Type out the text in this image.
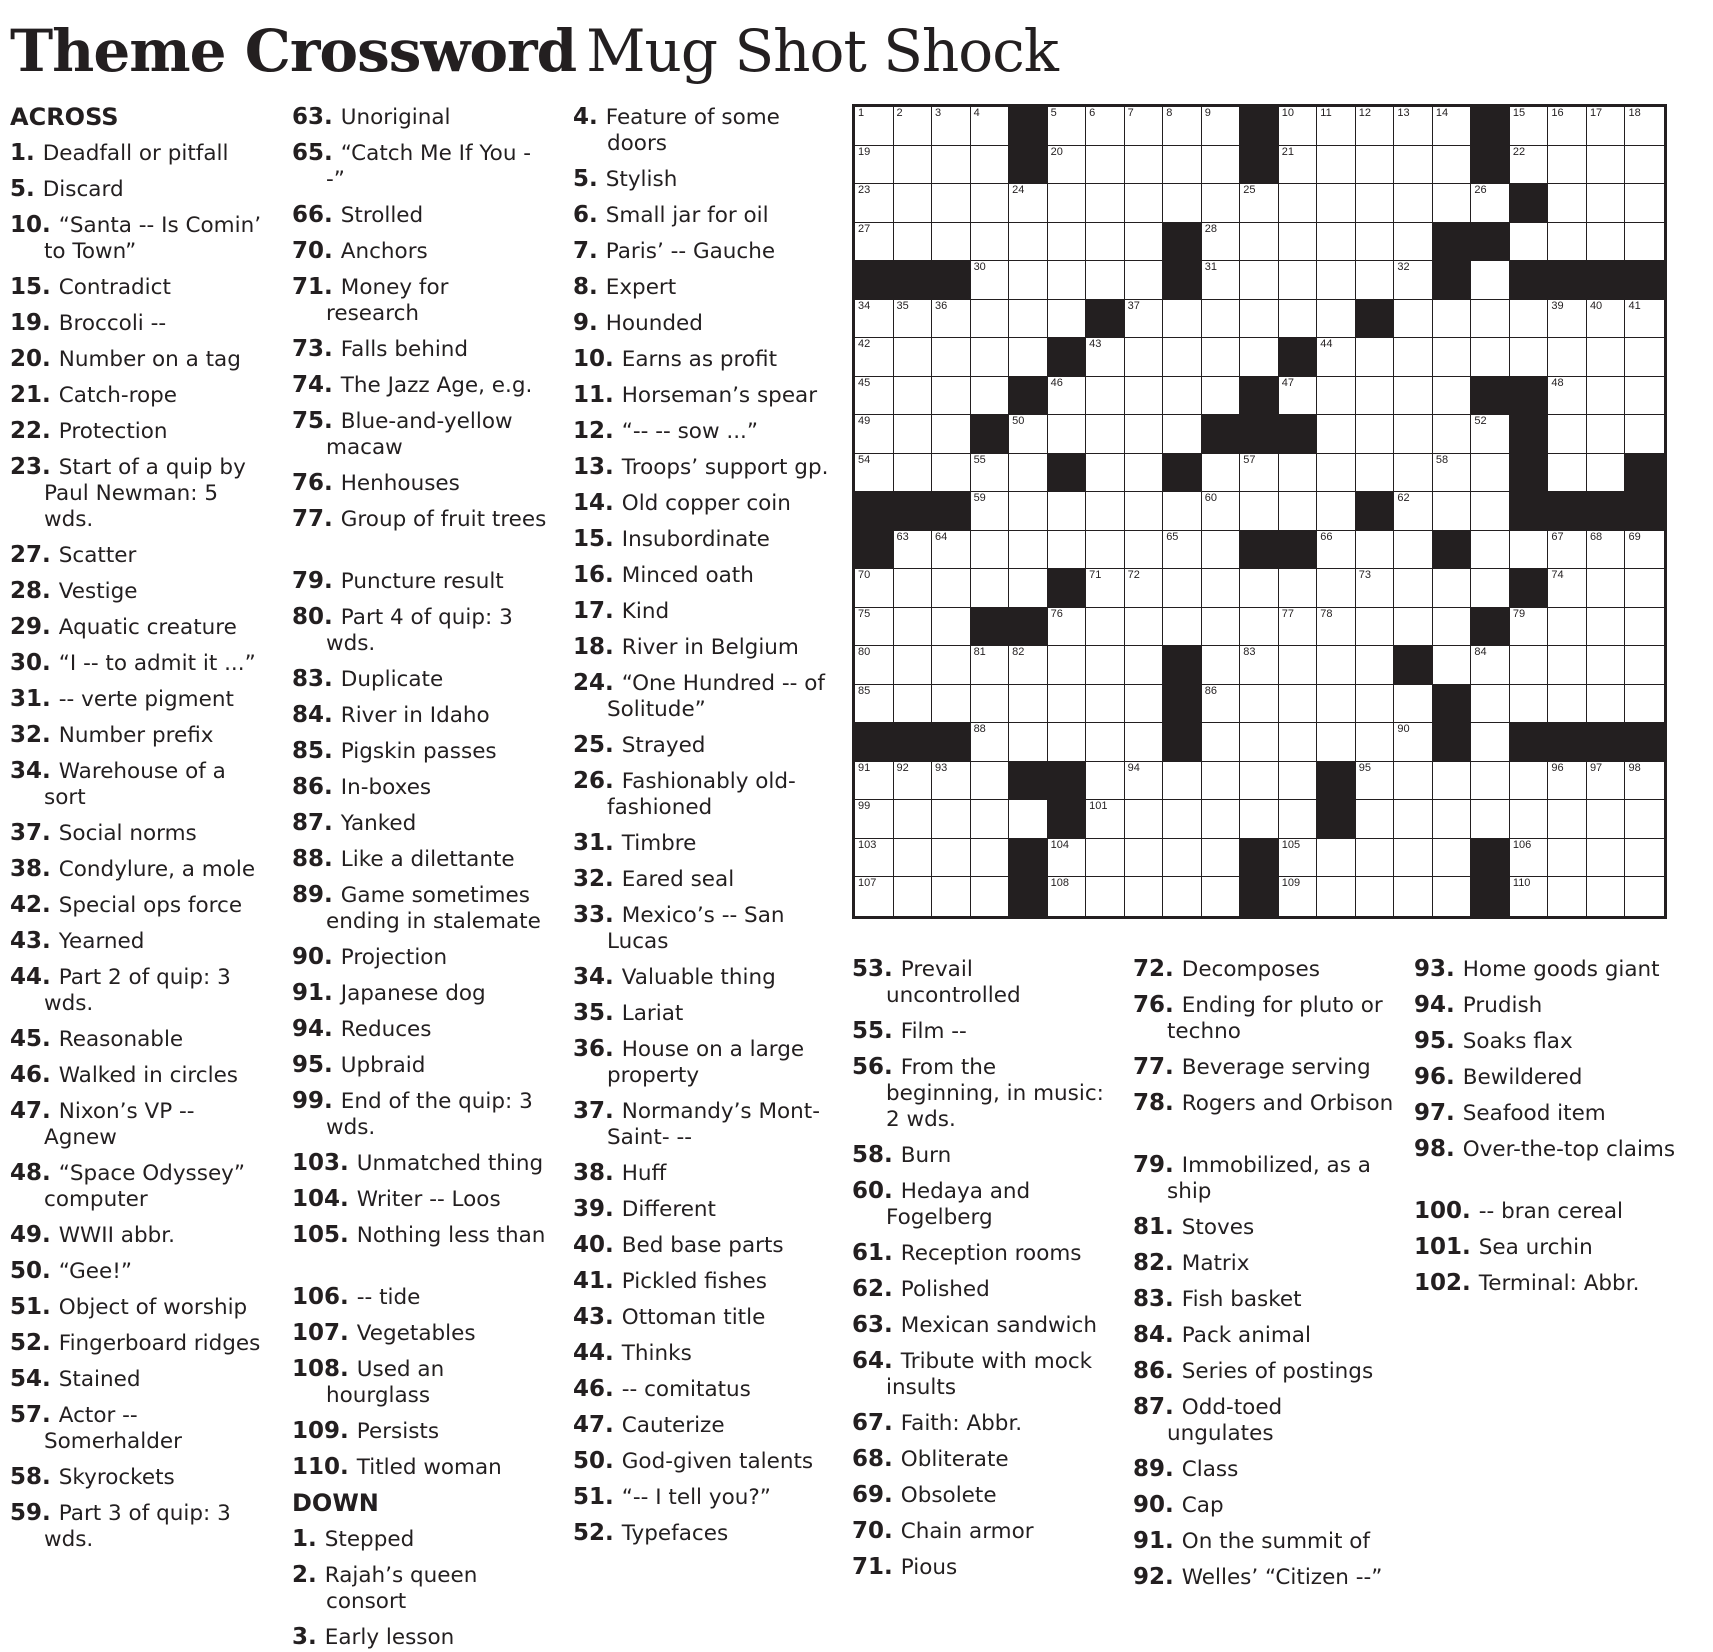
Theme Crossword Mug Shot Shock
ACROSS
1. Deadfall or pitfall
5. Discard
10. “Santa -- Is Comin’ to Town”
15. Contradict
19. Broccoli --
20. Number on a tag
21. Catch-rope
22. Protection
23. Start of a quip by Paul Newman: 5 wds.
27. Scatter
28. Vestige
29. Aquatic creature
30. “I -- to admit it ...”
31. -- verte pigment
32. Number prefix
34. Warehouse of a sort
37. Social norms
38. Condylure, a mole
42. Special ops force
43. Yearned
44. Part 2 of quip: 3 wds.
45. Reasonable
46. Walked in circles
47. Nixon’s VP -- Agnew
48. “Space Odyssey” computer
49. WWII abbr.
50. “Gee!”
51. Object of worship
52. Fingerboard ridges
54. Stained
57. Actor -- Somerhalder
58. Skyrockets
59. Part 3 of quip: 3 wds.
63. Unoriginal
65. “Catch Me If You --”
66. Strolled
70. Anchors
71. Money for research
73. Falls behind
74. The Jazz Age, e.g.
75. Blue-and-yellow macaw
76. Henhouses
77. Group of fruit trees
79. Puncture result
80. Part 4 of quip: 3 wds.
83. Duplicate
84. River in Idaho
85. Pigskin passes
86. In-boxes
87. Yanked
88. Like a dilettante
89. Game sometimes ending in stalemate
90. Projection
91. Japanese dog
94. Reduces
95. Upbraid
99. End of the quip: 3 wds.
103. Unmatched thing
104. Writer -- Loos
105. Nothing less than
106. -- tide
107. Vegetables
108. Used an hourglass
109. Persists
110. Titled woman
DOWN
1. Stepped
2. Rajah’s queen consort
3. Early lesson
4. Feature of some doors
5. Stylish
6. Small jar for oil
7. Paris’ -- Gauche
8. Expert
9. Hounded
10. Earns as profit
11. Horseman’s spear
12. “-- -- sow ...”
13. Troops’ support gp.
14. Old copper coin
15. Insubordinate
16. Minced oath
17. Kind
18. River in Belgium
24. “One Hundred -- of Solitude”
25. Strayed
26. Fashionably old-fashioned
31. Timbre
32. Eared seal
33. Mexico’s -- San Lucas
34. Valuable thing
35. Lariat
36. House on a large property
37. Normandy’s Mont-Saint- --
38. Huff
39. Different
40. Bed base parts
41. Pickled fishes
43. Ottoman title
44. Thinks
46. -- comitatus
47. Cauterize
50. God-given talents
51. “-- I tell you?”
52. Typefaces
53. Prevail uncontrolled
55. Film --
56. From the beginning, in music: 2 wds.
58. Burn
60. Hedaya and Fogelberg
61. Reception rooms
62. Polished
63. Mexican sandwich
64. Tribute with mock insults
67. Faith: Abbr.
68. Obliterate
69. Obsolete
70. Chain armor
71. Pious
72. Decomposes
76. Ending for pluto or techno
77. Beverage serving
78. Rogers and Orbison
79. Immobilized, as a ship
81. Stoves
82. Matrix
83. Fish basket
84. Pack animal
86. Series of postings
87. Odd-toed ungulates
89. Class
90. Cap
91. On the summit of
92. Welles’ “Citizen --”
93. Home goods giant
94. Prudish
95. Soaks flax
96. Bewildered
97. Seafood item
98. Over-the-top claims
100. -- bran cereal
101. Sea urchin
102. Terminal: Abbr.
1	2	3	4	5	6	7	8	9	10 11 12 13 14	15 16 17 18
19	20	21	22
23	24	25	26
27	28
30	31	32
34 35 36	37	39 40 41
42	43	44
45	46	47	48
49	50	52
54	55	57	58
59	60	62
63 64	65	66	67 68 69
70	71 72	73	74
75	76	77 78	79
80	81 82	83	84
85	86
88	90
91 92 93	94	95	96 97 98
99	101
103	104	105	106
107	108	109	110
